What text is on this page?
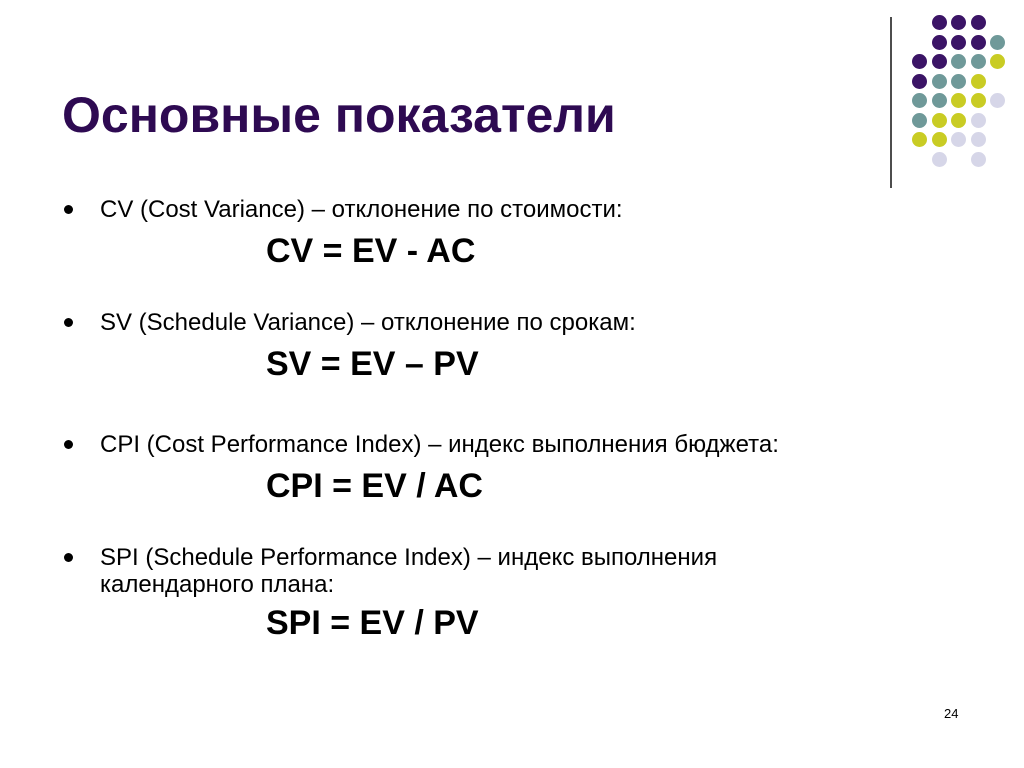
Основные показатели
CV (Cost Variance) – отклонение по стоимости:
CV = EV - AC
SV (Schedule Variance) – отклонение по срокам:
SV = EV – PV
CPI (Cost Performance Index) – индекс выполнения бюджета:
CPI = EV / AC
SPI (Schedule Performance Index) – индекс выполнения календарного плана:
SPI = EV / PV
24
